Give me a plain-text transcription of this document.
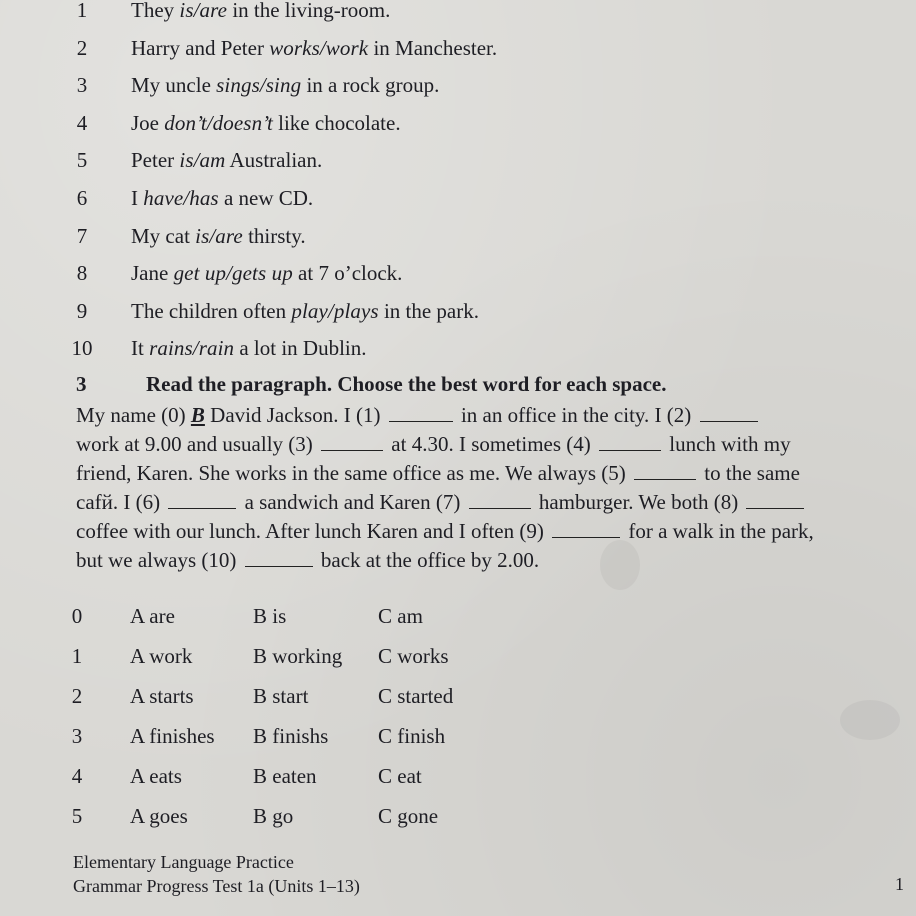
1	They is/are in the living-room.
2	Harry and Peter works/work in Manchester.
3	My uncle sings/sing in a rock group.
4	Joe don’t/doesn’t like chocolate.
5	Peter is/am Australian.
6	I have/has a new CD.
7	My cat is/are thirsty.
8	Jane get up/gets up at 7 o’clock.
9	The children often play/plays in the park.
10	It rains/rain a lot in Dublin.
3	Read the paragraph. Choose the best word for each space.
My name (0) B David Jackson. I (1)	in an office in the city. I (2)
work at 9.00 and usually (3)	at 4.30. I sometimes (4)	lunch with my
friend, Karen. She works in the same office as me. We always (5)	to the same
cafй. I (6)	a sandwich and Karen (7)	hamburger. We both (8)
coffee with our lunch. After lunch Karen and I often (9)	for a walk in the park,
but we always (10)	back at the office by 2.00.
0	A are	B is	C am
1	A work	B working C works
2	A starts	B start	C started
3	A finishes B finishs C finish
4	A eats	B eaten	C eat
5	A goes	B go	C gone
Elementary Language Practice
Grammar Progress Test 1a (Units 1–13)	1
